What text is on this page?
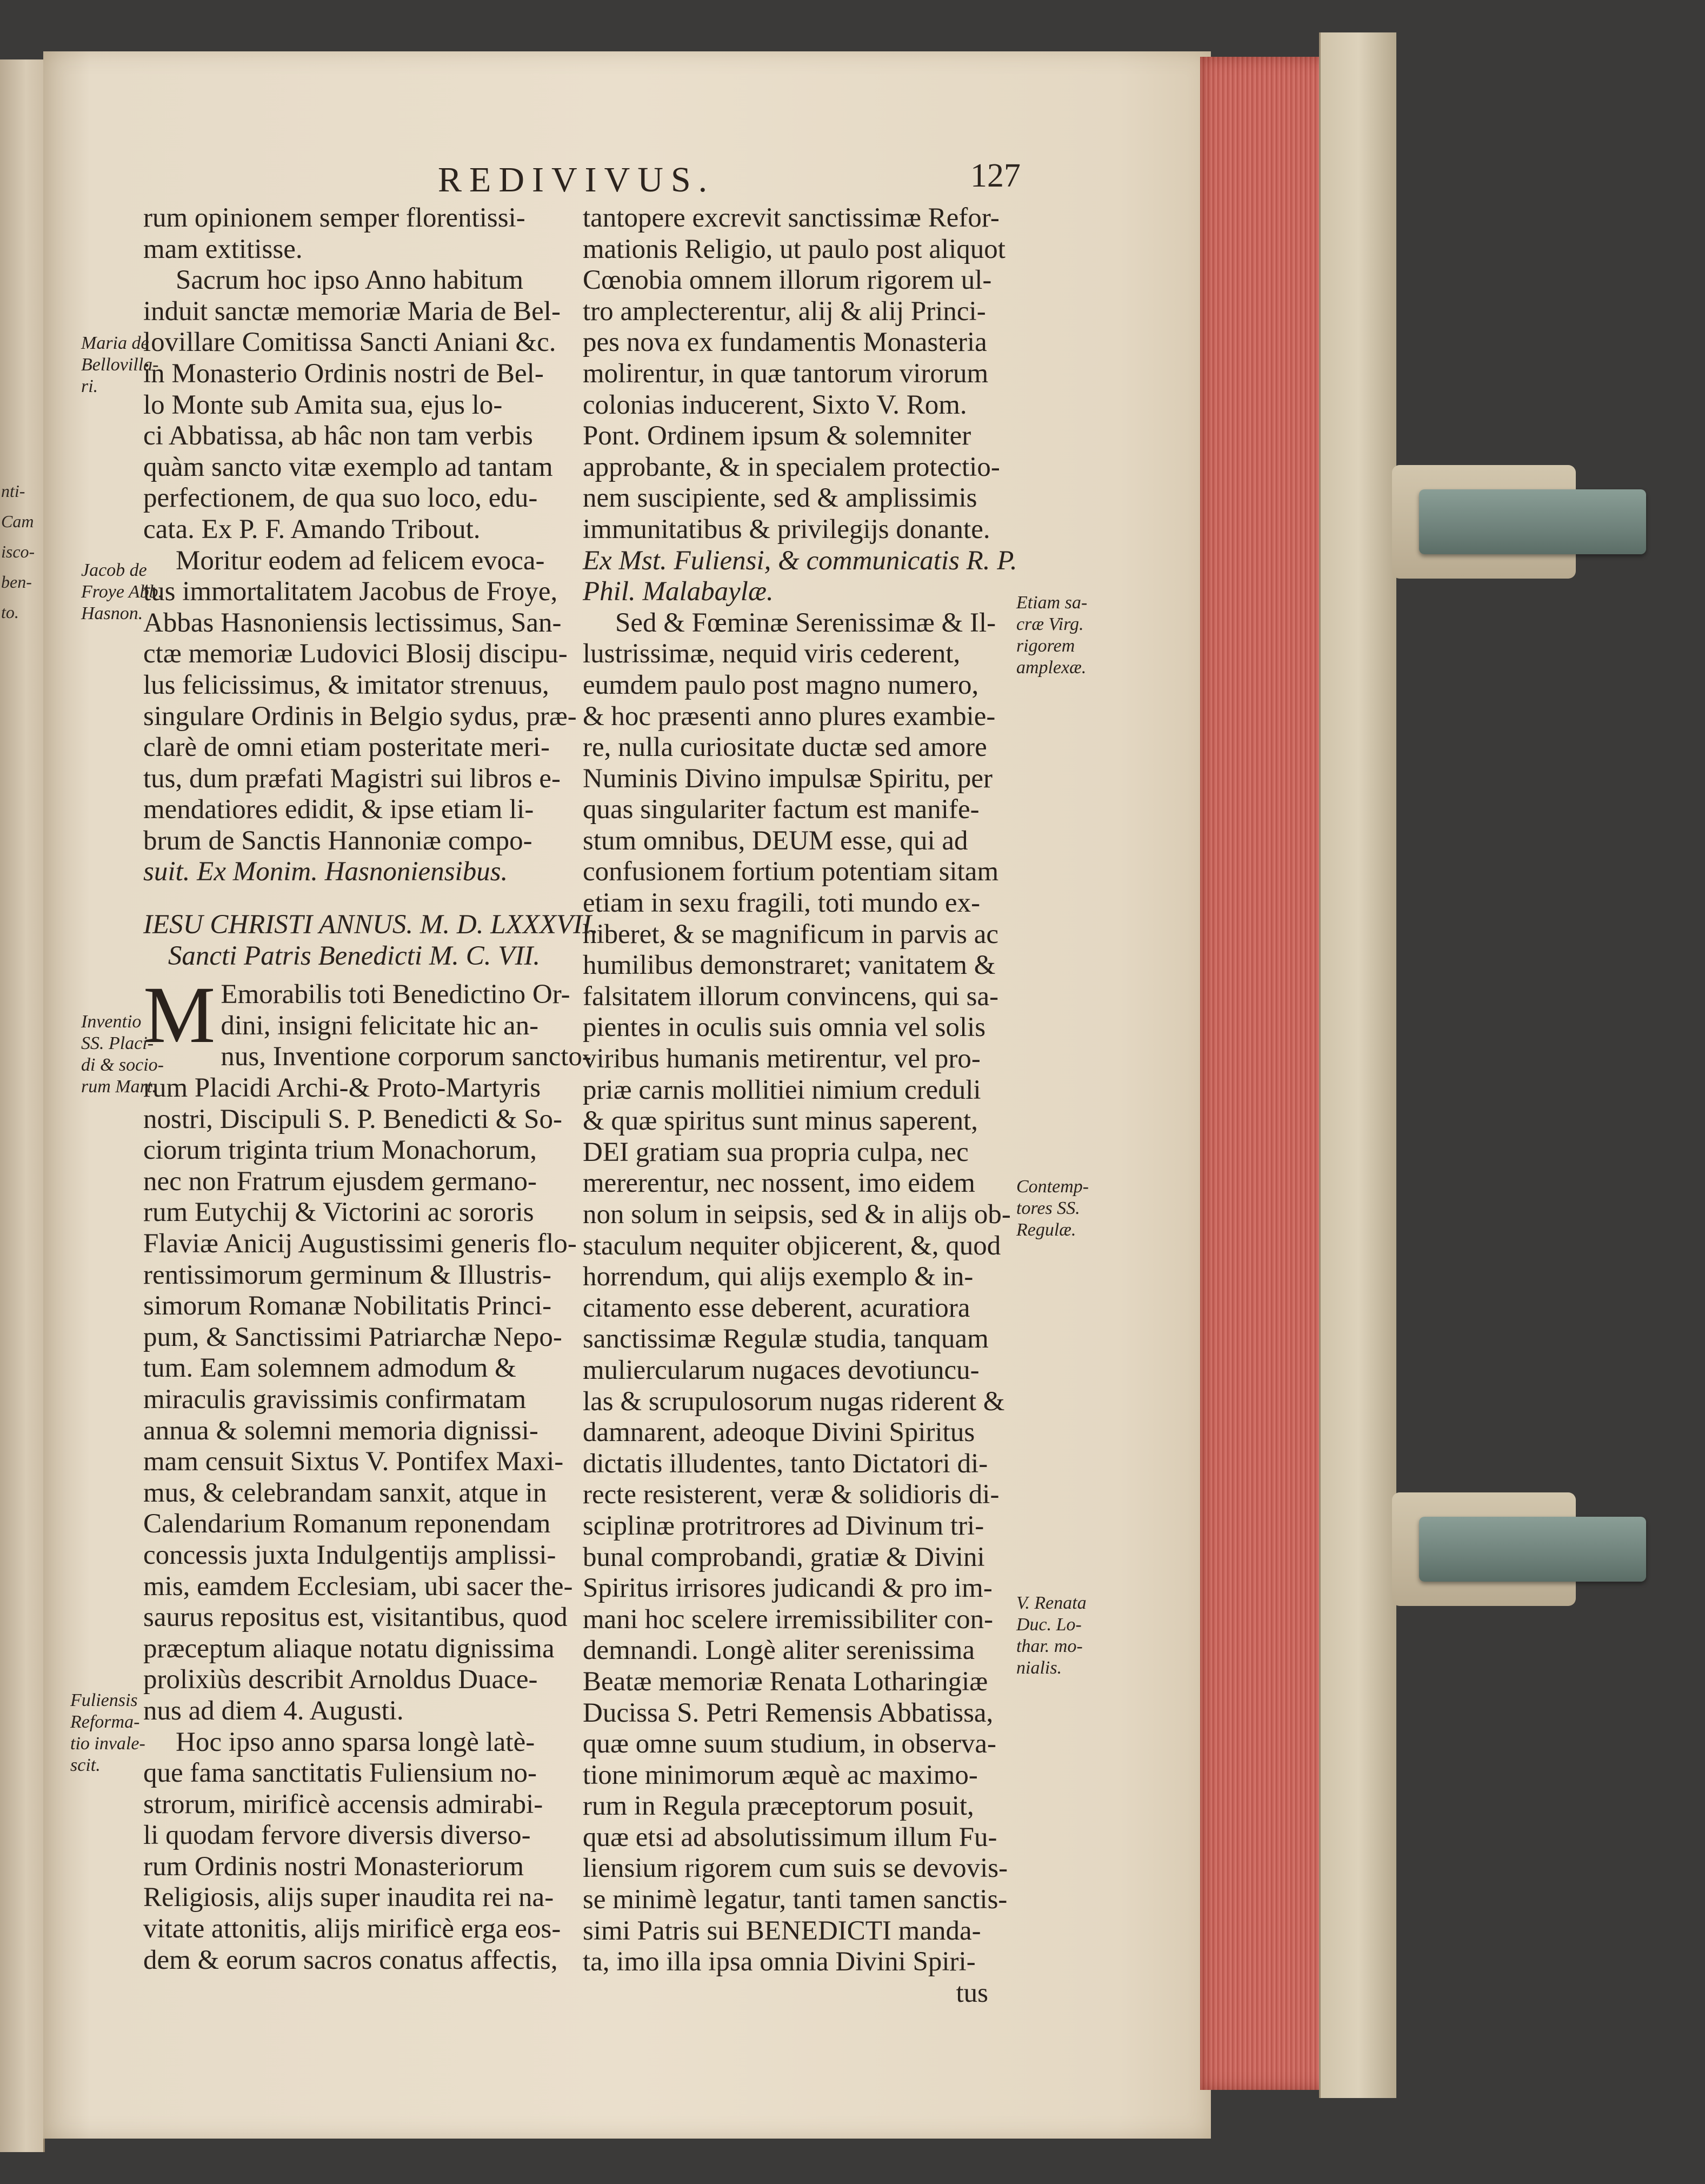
nti-
Cam
isco-
ben-
to.
REDIVIVUS.	127
Maria de
Bellovilla-
ri.
Jacob de
Froye Abb.
Hasnon.
Inventio
SS. Placi-
di & socio-
rum Mart.
Fuliensis
Reforma-
tio invale-
scit.
Etiam sa-
cræ Virg.
rigorem
amplexæ.
Contemp-
tores SS.
Regulæ.
V. Renata
Duc. Lo-
thar. mo-
nialis.
rum opinionem semper florentissi-
mam extitisse.
Sacrum hoc ipso Anno habitum
induit sanctæ memoriæ Maria de Bel-
lovillare Comitissa Sancti Aniani &c.
in Monasterio Ordinis nostri de Bel-
lo Monte sub Amita sua, ejus lo-
ci Abbatissa, ab hâc non tam verbis
quàm sancto vitæ exemplo ad tantam
perfectionem, de qua suo loco, edu-
cata. Ex P. F. Amando Tribout.
Moritur eodem ad felicem evoca-
tus immortalitatem Jacobus de Froye,
Abbas Hasnoniensis lectissimus, San-
ctæ memoriæ Ludovici Blosij discipu-
lus felicissimus, & imitator strenuus,
singulare Ordinis in Belgio sydus, præ-
clarè de omni etiam posteritate meri-
tus, dum præfati Magistri sui libros e-
mendatiores edidit, & ipse etiam li-
brum de Sanctis Hannoniæ compo-
suit. Ex Monim. Hasnoniensibus.
IESU CHRISTI ANNUS. M. D. LXXXVII.
Sancti Patris Benedicti M. C. VII.
M Emorabilis toti Benedictino Or-
dini, insigni felicitate hic an-
nus, Inventione corporum sancto-
rum Placidi Archi-& Proto-Martyris
nostri, Discipuli S. P. Benedicti & So-
ciorum triginta trium Monachorum,
nec non Fratrum ejusdem germano-
rum Eutychij & Victorini ac sororis
Flaviæ Anicij Augustissimi generis flo-
rentissimorum germinum & Illustris-
simorum Romanæ Nobilitatis Princi-
pum, & Sanctissimi Patriarchæ Nepo-
tum. Eam solemnem admodum &
miraculis gravissimis confirmatam
annua & solemni memoria dignissi-
mam censuit Sixtus V. Pontifex Maxi-
mus, & celebrandam sanxit, atque in
Calendarium Romanum reponendam
concessis juxta Indulgentijs amplissi-
mis, eamdem Ecclesiam, ubi sacer the-
saurus repositus est, visitantibus, quod
præceptum aliaque notatu dignissima
prolixiùs describit Arnoldus Duace-
nus ad diem 4. Augusti.
Hoc ipso anno sparsa longè latè-
que fama sanctitatis Fuliensium no-
strorum, mirificè accensis admirabi-
li quodam fervore diversis diverso-
rum Ordinis nostri Monasteriorum
Religiosis, alijs super inaudita rei na-
vitate attonitis, alijs mirificè erga eos-
dem & eorum sacros conatus affectis,
tantopere excrevit sanctissimæ Refor-
mationis Religio, ut paulo post aliquot
Cœnobia omnem illorum rigorem ul-
tro amplecterentur, alij & alij Princi-
pes nova ex fundamentis Monasteria
molirentur, in quæ tantorum virorum
colonias inducerent, Sixto V. Rom.
Pont. Ordinem ipsum & solemniter
approbante, & in specialem protectio-
nem suscipiente, sed & amplissimis
immunitatibus & privilegijs donante.
Ex Mst. Fuliensi, & communicatis R. P.
Phil. Malabaylæ.
Sed & Fœminæ Serenissimæ & Il-
lustrissimæ, nequid viris cederent,
eumdem paulo post magno numero,
& hoc præsenti anno plures exambie-
re, nulla curiositate ductæ sed amore
Numinis Divino impulsæ Spiritu, per
quas singulariter factum est manife-
stum omnibus, DEUM esse, qui ad
confusionem fortium potentiam sitam
etiam in sexu fragili, toti mundo ex-
hiberet, & se magnificum in parvis ac
humilibus demonstraret; vanitatem &
falsitatem illorum convincens, qui sa-
pientes in oculis suis omnia vel solis
viribus humanis metirentur, vel pro-
priæ carnis mollitiei nimium creduli
& quæ spiritus sunt minus saperent,
DEI gratiam sua propria culpa, nec
mererentur, nec nossent, imo eidem
non solum in seipsis, sed & in alijs ob-
staculum nequiter objicerent, &, quod
horrendum, qui alijs exemplo & in-
citamento esse deberent, acuratiora
sanctissimæ Regulæ studia, tanquam
muliercularum nugaces devotiuncu-
las & scrupulosorum nugas riderent &
damnarent, adeoque Divini Spiritus
dictatis illudentes, tanto Dictatori di-
recte resisterent, veræ & solidioris di-
sciplinæ protritrores ad Divinum tri-
bunal comprobandi, gratiæ & Divini
Spiritus irrisores judicandi & pro im-
mani hoc scelere irremissibiliter con-
demnandi. Longè aliter serenissima
Beatæ memoriæ Renata Lotharingiæ
Ducissa S. Petri Remensis Abbatissa,
quæ omne suum studium, in observa-
tione minimorum æquè ac maximo-
rum in Regula præceptorum posuit,
quæ etsi ad absolutissimum illum Fu-
liensium rigorem cum suis se devovis-
se minimè legatur, tanti tamen sanctis-
simi Patris sui BENEDICTI manda-
ta, imo illa ipsa omnia Divini Spiri-
tus
